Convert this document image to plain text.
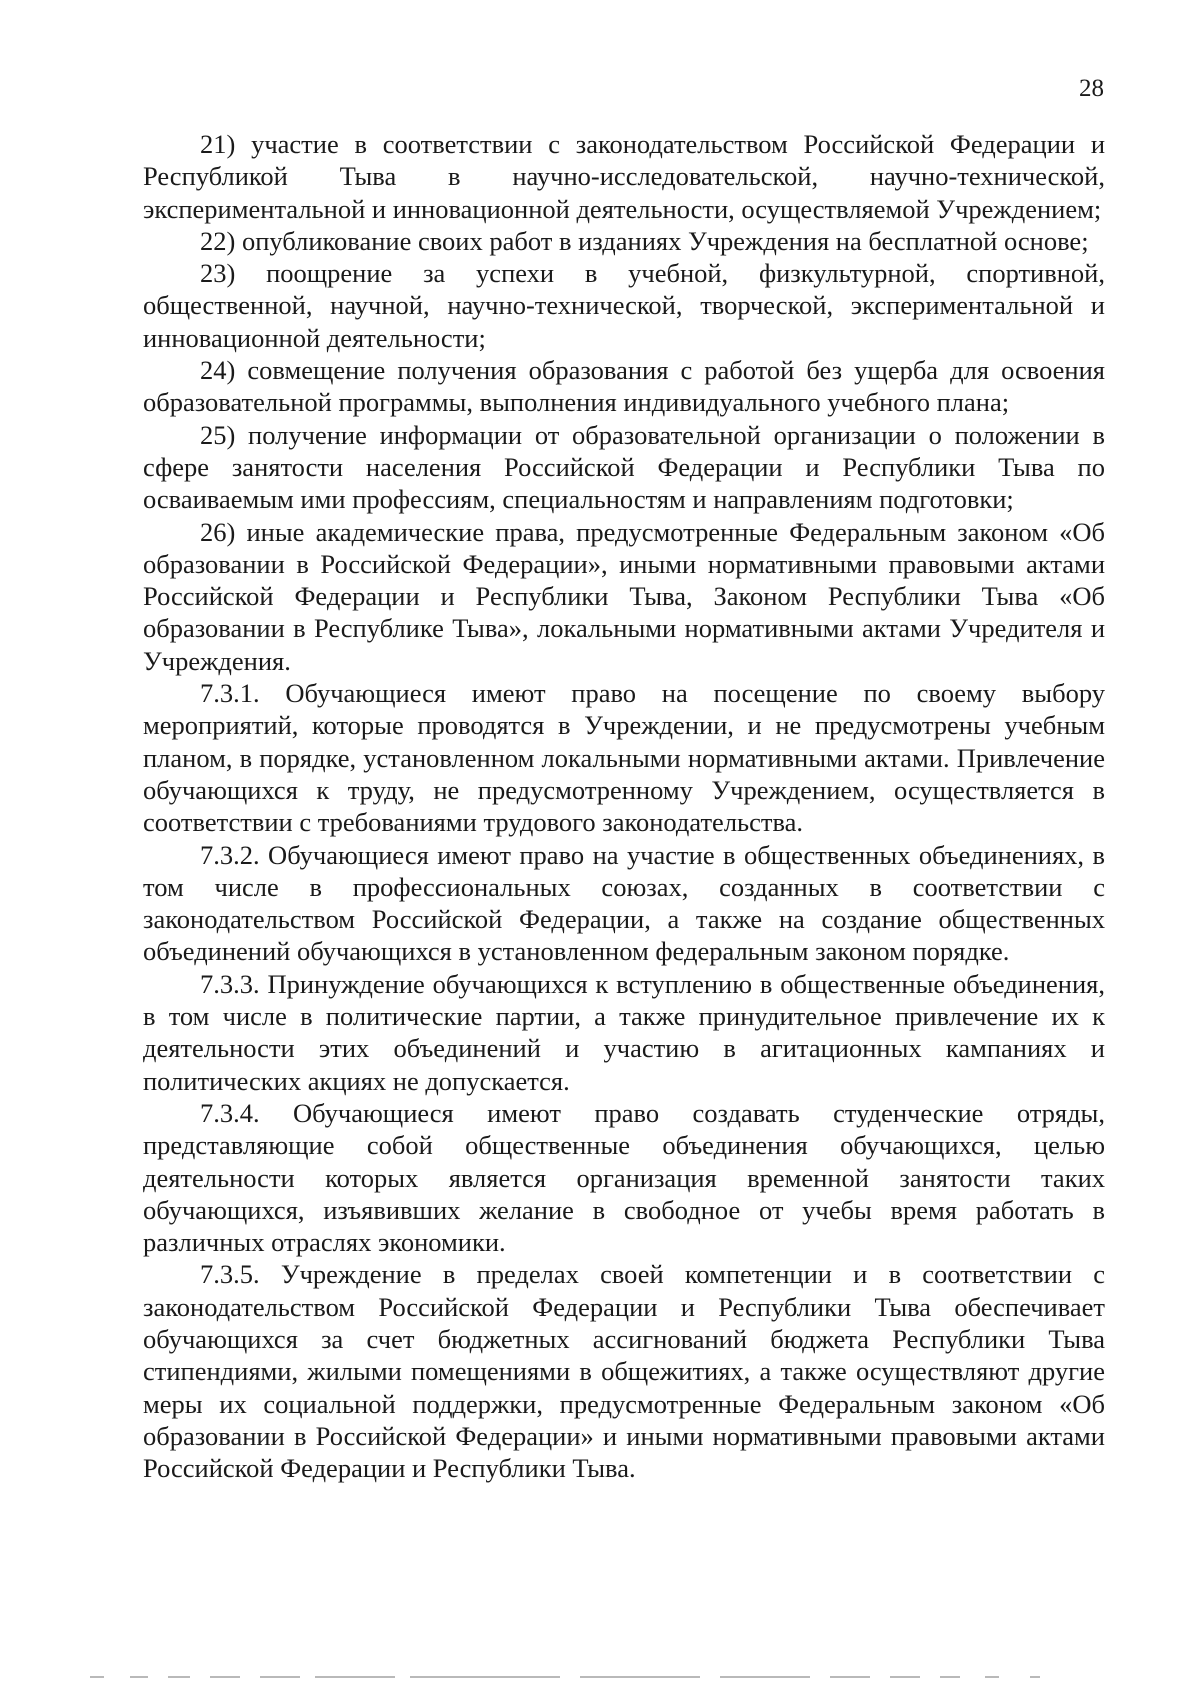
28

21) участие в соответствии с законодательством Российской Федерации и Республикой Тыва в научно-исследовательской, научно-технической, экспериментальной и инновационной деятельности, осуществляемой Учреждением;

22) опубликование своих работ в изданиях Учреждения на бесплатной основе;

23) поощрение за успехи в учебной, физкультурной, спортивной, общественной, научной, научно-технической, творческой, экспериментальной и инновационной деятельности;

24) совмещение получения образования с работой без ущерба для освоения образовательной программы, выполнения индивидуального учебного плана;

25) получение информации от образовательной организации о положении в сфере занятости населения Российской Федерации и Республики Тыва по осваиваемым ими профессиям, специальностям и направлениям подготовки;

26) иные академические права, предусмотренные Федеральным законом «Об образовании в Российской Федерации», иными нормативными правовыми актами Российской Федерации и Республики Тыва, Законом Республики Тыва «Об образовании в Республике Тыва», локальными нормативными актами Учредителя и Учреждения.

7.3.1. Обучающиеся имеют право на посещение по своему выбору мероприятий, которые проводятся в Учреждении, и не предусмотрены учебным планом, в порядке, установленном локальными нормативными актами. Привлечение обучающихся к труду, не предусмотренному Учреждением, осуществляется в соответствии с требованиями трудового законодательства.

7.3.2. Обучающиеся имеют право на участие в общественных объединениях, в том числе в профессиональных союзах, созданных в соответствии с законодательством Российской Федерации, а также на создание общественных объединений обучающихся в установленном федеральным законом порядке.

7.3.3. Принуждение обучающихся к вступлению в общественные объединения, в том числе в политические партии, а также принудительное привлечение их к деятельности этих объединений и участию в агитационных кампаниях и политических акциях не допускается.

7.3.4. Обучающиеся имеют право создавать студенческие отряды, представляющие собой общественные объединения обучающихся, целью деятельности которых является организация временной занятости таких обучающихся, изъявивших желание в свободное от учебы время работать в различных отраслях экономики.

7.3.5. Учреждение в пределах своей компетенции и в соответствии с законодательством Российской Федерации и Республики Тыва обеспечивает обучающихся за счет бюджетных ассигнований бюджета Республики Тыва стипендиями, жилыми помещениями в общежитиях, а также осуществляют другие меры их социальной поддержки, предусмотренные Федеральным законом «Об образовании в Российской Федерации» и иными нормативными правовыми актами Российской Федерации и Республики Тыва.
